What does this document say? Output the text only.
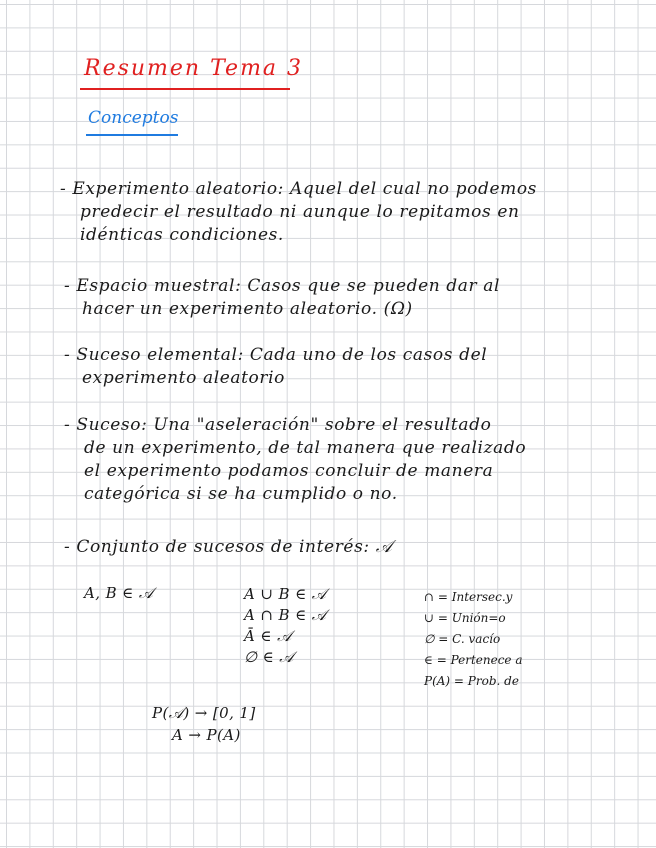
Resumen Tema 3
Conceptos
- Experimento aleatorio: Aquel del cual no podemos
predecir el resultado ni aunque lo repitamos en
idénticas condiciones.
- Espacio muestral: Casos que se pueden dar al
hacer un experimento aleatorio. (Ω)
- Suceso elemental: Cada uno de los casos del
experimento aleatorio
- Suceso: Una "aseleración" sobre el resultado
de un experimento, de tal manera que realizado
el experimento podamos concluir de manera
categórica si se ha cumplido o no.
- Conjunto de sucesos de interés: 𝒜
A, B ∈ 𝒜	A ∪ B ∈ 𝒜
A ∩ B ∈ 𝒜
Ā ∈ 𝒜
∅ ∈ 𝒜
∩ = Intersec.y
∪ = Unión=o
∅ = C. vacío
∈ = Pertenece a
P(A) = Prob. de
P(𝒜) → [0, 1]
A → P(A)
